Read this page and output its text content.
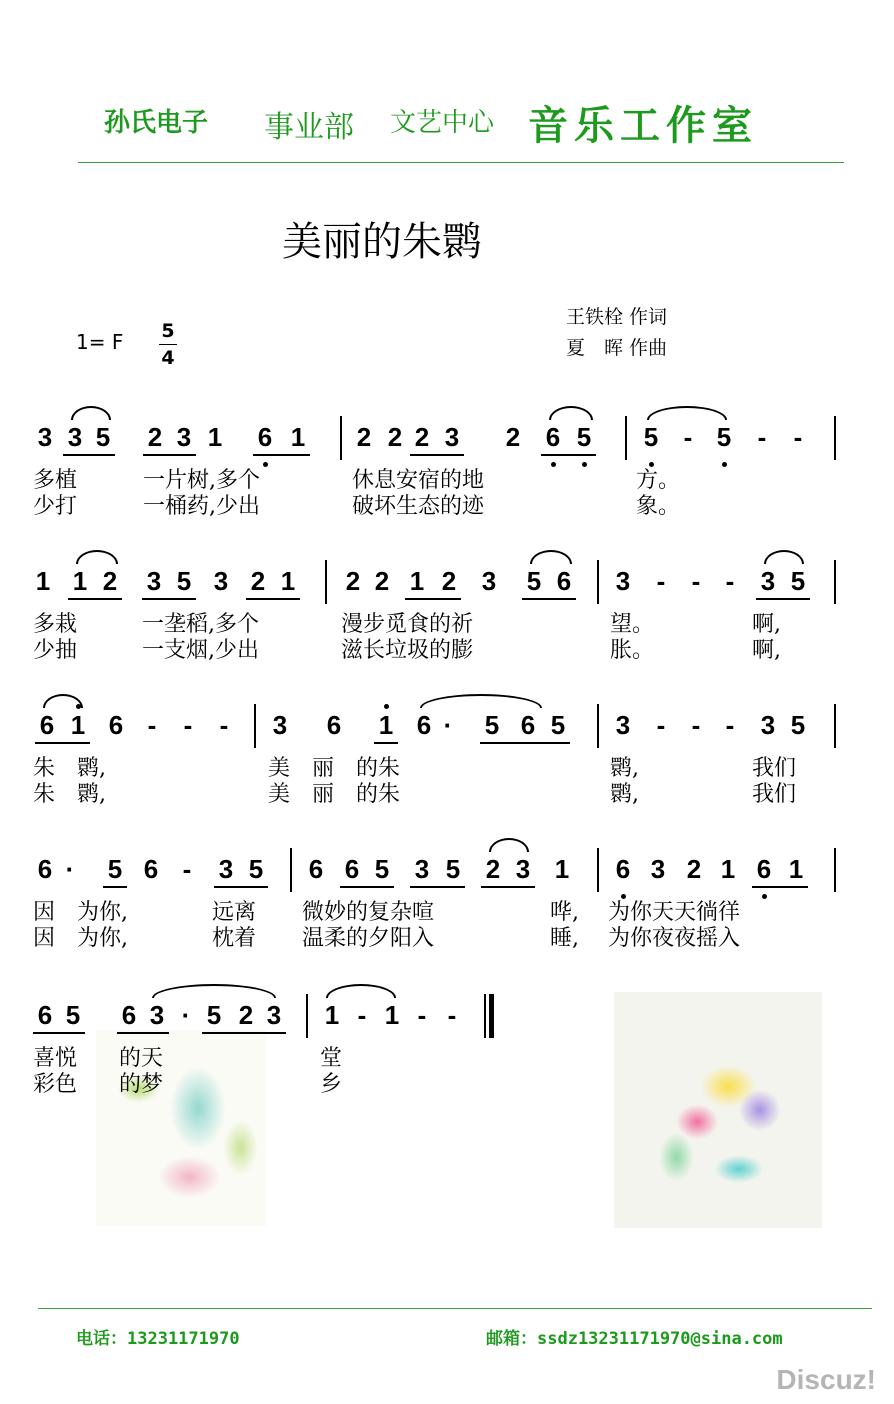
孙氏电子 事业部 文艺中心 音乐工作室
美丽的朱鹮
1= F 5
4
王铁栓 作词
夏　晖 作曲
3 3 5 2 3 1 6 1 2 2 2 3 2 6 5 5 - 5 - -
多植	一片树,多个	休息安宿的地	方。
少打	一桶药,少出	破坏生态的迹	象。
1 1 2 3 5 3 2 1 2 2 1 2 3 5 6 3 - - - 3 5
多栽	一垄稻,多个	漫步觅食的祈	望。	啊,
少抽	一支烟,少出	滋长垃圾的膨	胀。	啊,
6 1 6 - - - 3 6 1 6 · 5 6 5 3 - - - 3 5
朱　鹮,	美　丽　的朱	鹮,	我们
朱　鹮,	美　丽　的朱	鹮,	我们
6 · 5 6 - 3 5 6 6 5 3 5 2 3 1 6 3 2 1 6 1
因　为你,	远离 微妙的复杂喧	哗, 为你天天徜徉
因　为你,	枕着 温柔的夕阳入	睡, 为你夜夜摇入
6 5 6 3 · 5 2 3 1 - 1 - -
喜悦 的天	堂
彩色 的梦	乡
电话：13231171970	邮箱：ssdz13231171970@sina.com
Discuz!
